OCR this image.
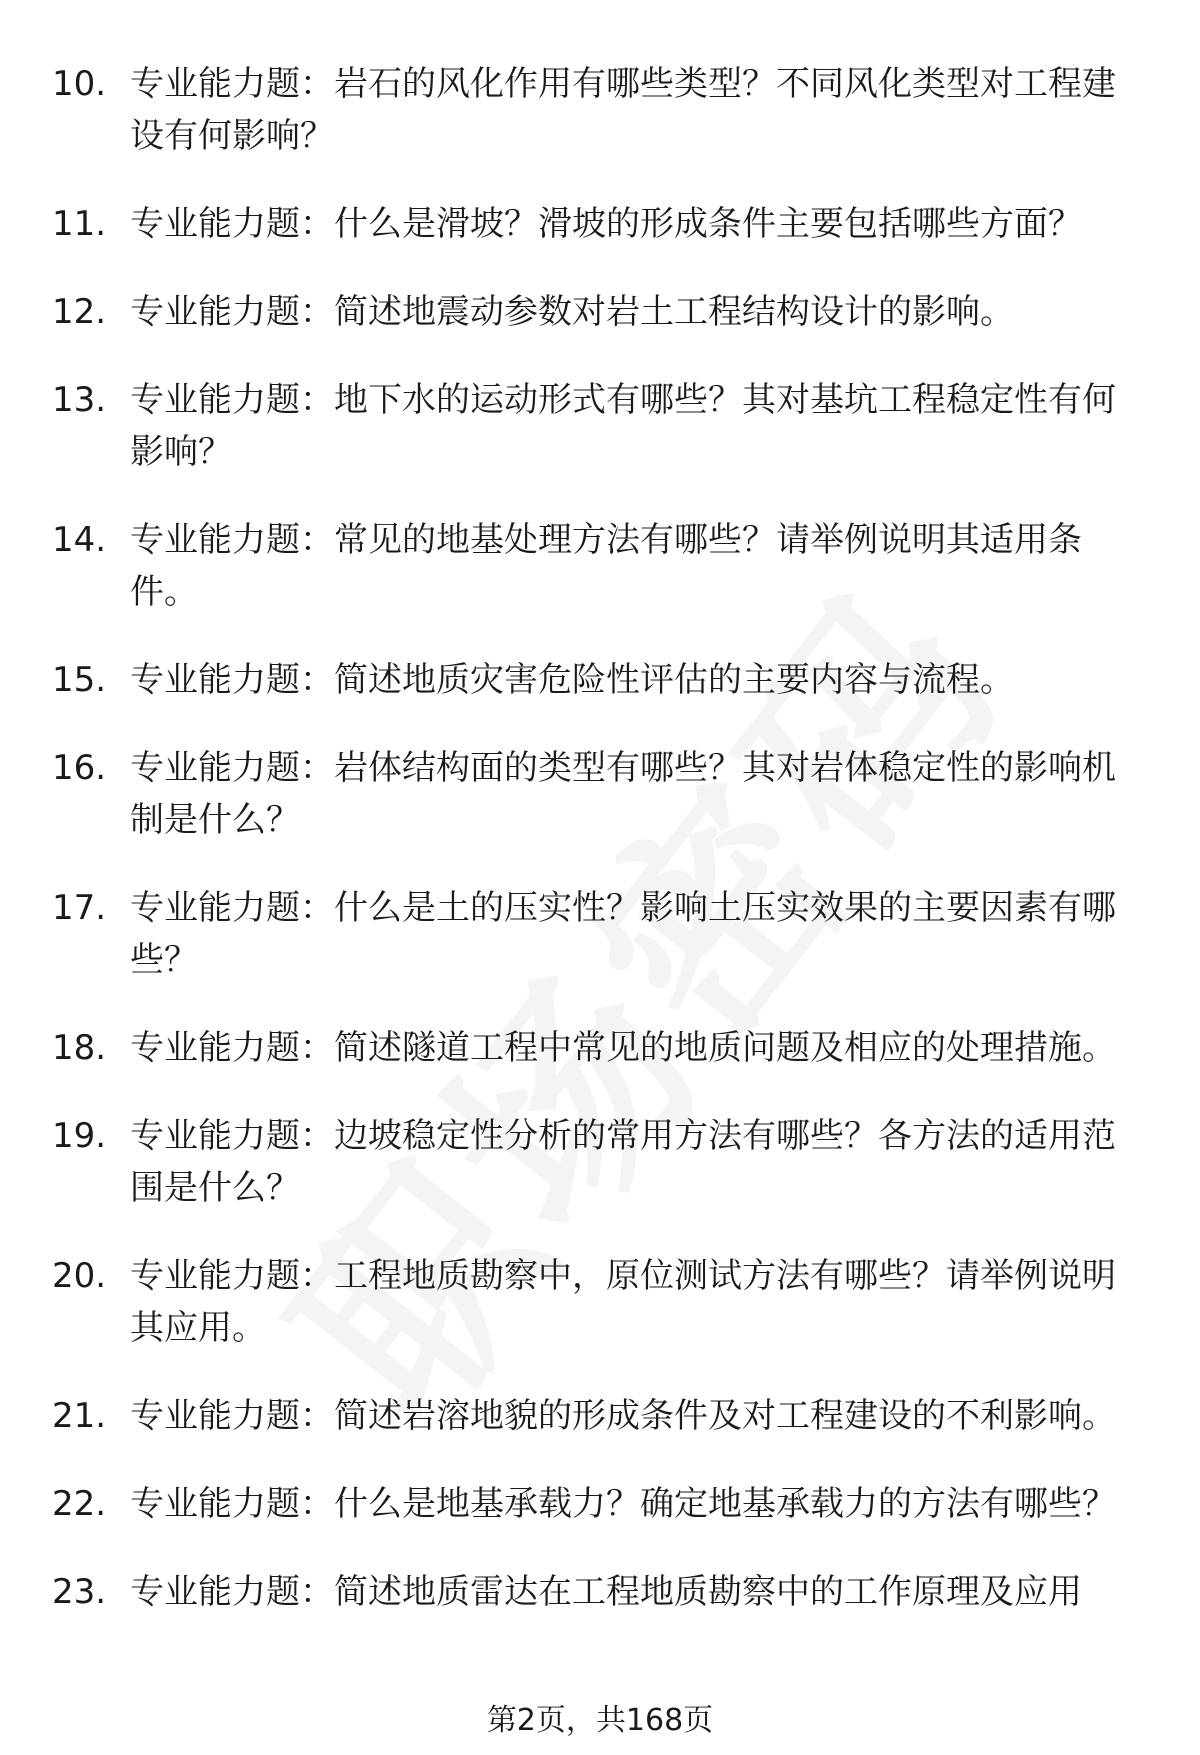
10. 专业能力题：岩石的风化作用有哪些类型？不同风化类型对工程建设有何影响？
11. 专业能力题：什么是滑坡？滑坡的形成条件主要包括哪些方面？
12. 专业能力题：简述地震动参数对岩土工程结构设计的影响。
13. 专业能力题：地下水的运动形式有哪些？其对基坑工程稳定性有何影响？
14. 专业能力题：常见的地基处理方法有哪些？请举例说明其适用条件。
15. 专业能力题：简述地质灾害危险性评估的主要内容与流程。
16. 专业能力题：岩体结构面的类型有哪些？其对岩体稳定性的影响机制是什么？
17. 专业能力题：什么是土的压实性？影响土压实效果的主要因素有哪些？
18. 专业能力题：简述隧道工程中常见的地质问题及相应的处理措施。
19. 专业能力题：边坡稳定性分析的常用方法有哪些？各方法的适用范围是什么？
20. 专业能力题：工程地质勘察中，原位测试方法有哪些？请举例说明其应用。
21. 专业能力题：简述岩溶地貌的形成条件及对工程建设的不利影响。
22. 专业能力题：什么是地基承载力？确定地基承载力的方法有哪些？
23. 专业能力题：简述地质雷达在工程地质勘察中的工作原理及应用
第2页，共168页
